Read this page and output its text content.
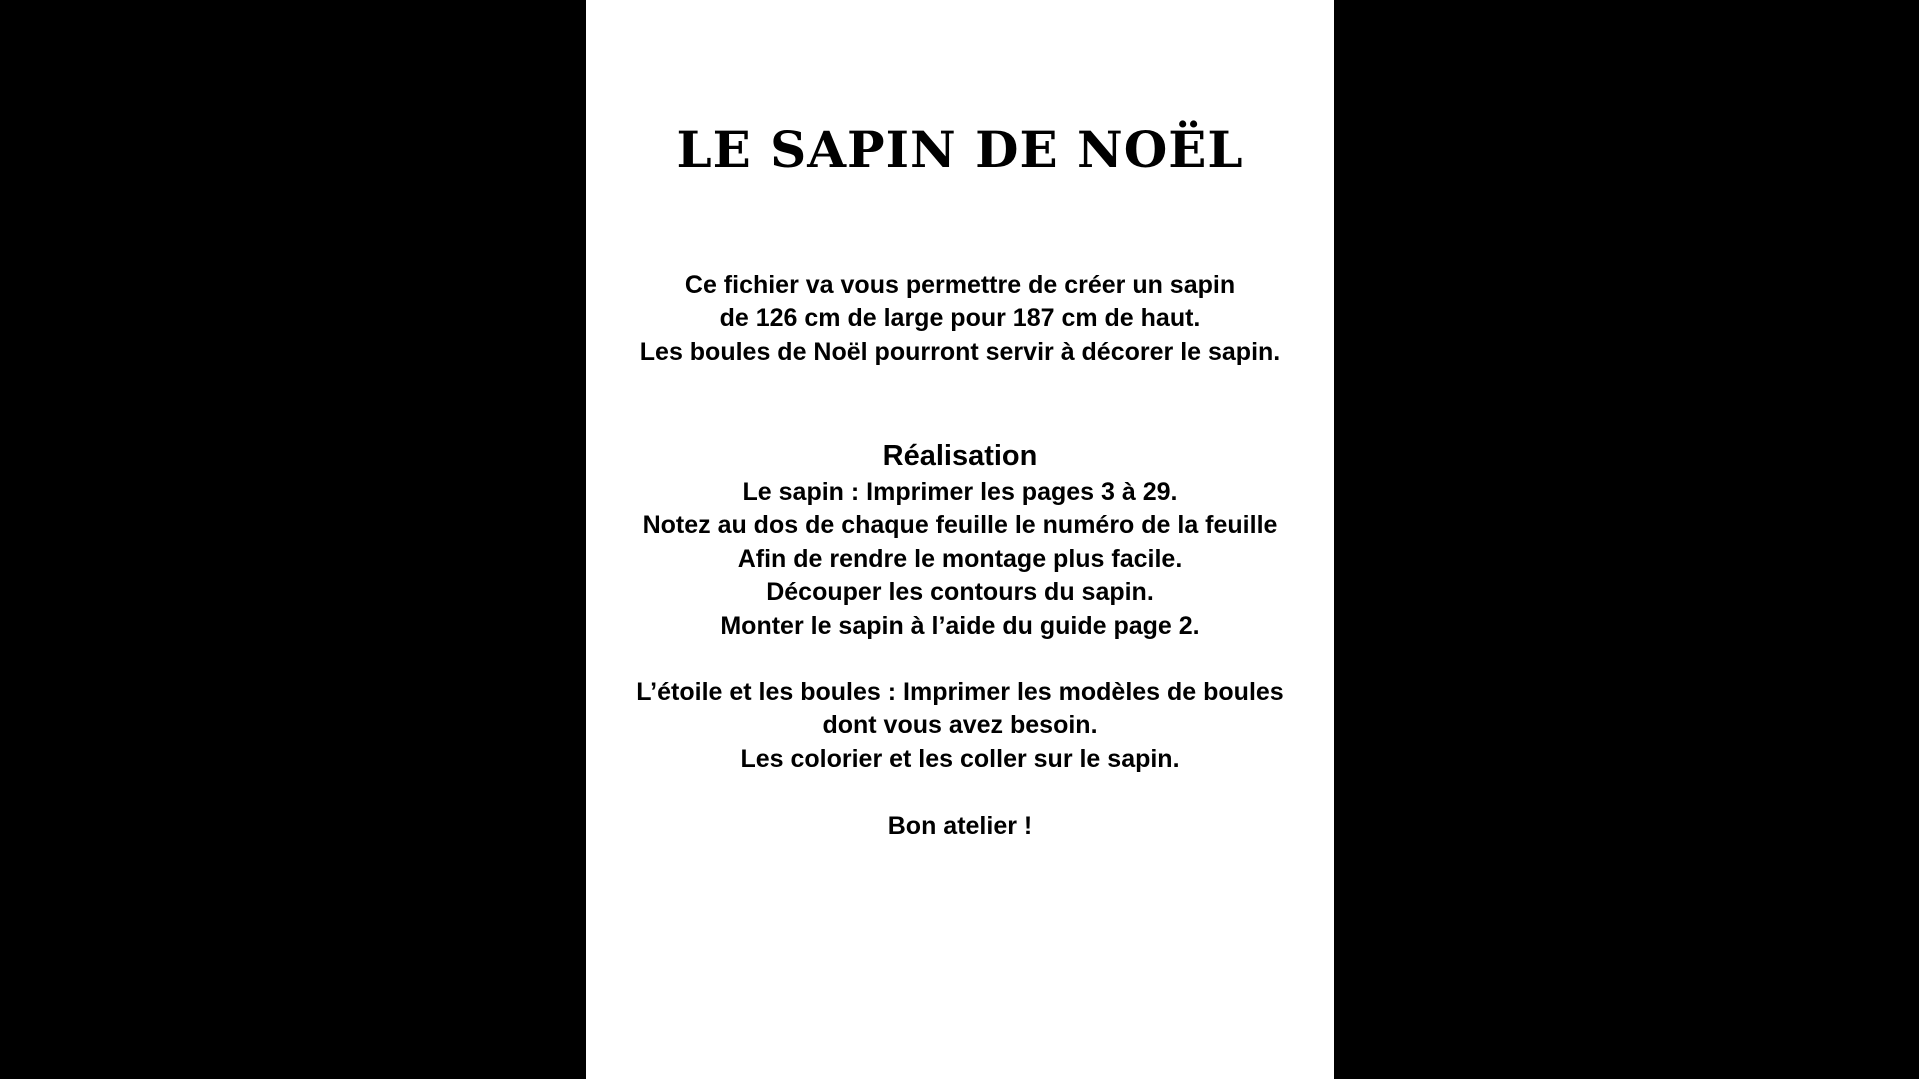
LE SAPIN DE NOËL

Ce fichier va vous permettre de créer un sapin
de 126 cm de large pour 187 cm de haut.
Les boules de Noël pourront servir à décorer le sapin.

Réalisation

Le sapin : Imprimer les pages 3 à 29.
Notez au dos de chaque feuille le numéro de la feuille
Afin de rendre le montage plus facile.
Découper les contours du sapin.
Monter le sapin à l’aide du guide page 2.

L’étoile et les boules : Imprimer les modèles de boules
dont vous avez besoin.
Les colorier et les coller sur le sapin.

Bon atelier !
